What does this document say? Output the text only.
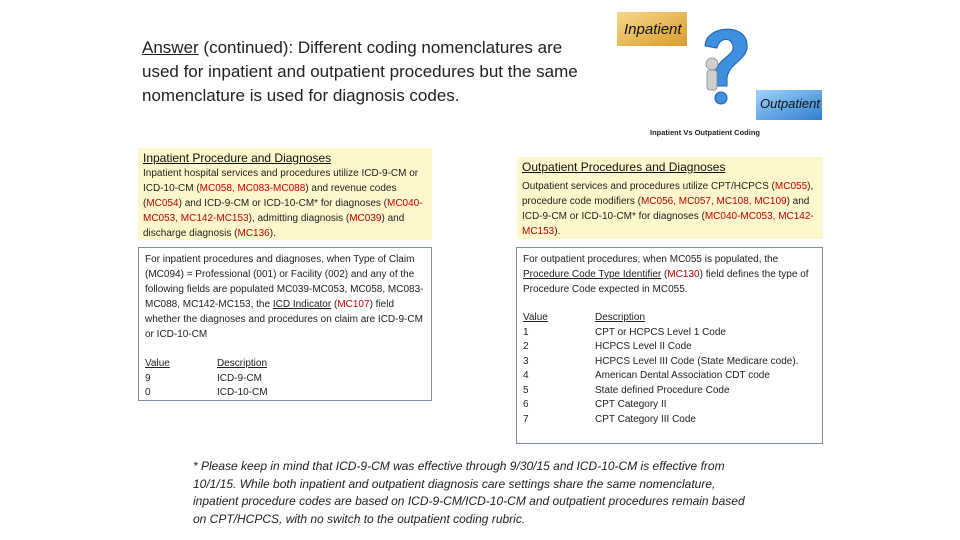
Answer (continued): Different coding nomenclatures are used for inpatient and outpatient procedures but the same nomenclature is used for diagnosis codes.
Inpatient
Outpatient
Inpatient Vs Outpatient Coding
Inpatient Procedure and Diagnoses
Inpatient hospital services and procedures utilize ICD-9-CM or ICD-10-CM (MC058, MC083-MC088) and revenue codes (MC054) and ICD-9-CM or ICD-10-CM* for diagnoses (MC040-MC053, MC142-MC153), admitting diagnosis (MC039) and discharge diagnosis (MC136).
Outpatient Procedures and Diagnoses
Outpatient services and procedures utilize CPT/HCPCS (MC055), procedure code modifiers (MC056, MC057, MC108, MC109) and ICD-9-CM or ICD-10-CM* for diagnoses (MC040-MC053, MC142-MC153).
For inpatient procedures and diagnoses, when Type of Claim (MC094) = Professional (001) or Facility (002) and any of the following fields are populated MC039-MC053, MC058, MC083-MC088, MC142-MC153, the ICD Indicator (MC107) field whether the diagnoses and procedures on claim are ICD-9-CM or ICD-10-CM
Value	Description
9	ICD-9-CM
0	ICD-10-CM
For outpatient procedures, when MC055 is populated, the Procedure Code Type Identifier (MC130) field defines the type of Procedure Code expected in MC055.
Value	Description
1	CPT or HCPCS Level 1 Code
2	HCPCS Level II Code
3	HCPCS Level III Code (State Medicare code).
4	American Dental Association CDT code
5	State defined Procedure Code
6	CPT Category II
7	CPT Category III Code
* Please keep in mind that ICD-9-CM was effective through 9/30/15 and ICD-10-CM is effective from 10/1/15. While both inpatient and outpatient diagnosis care settings share the same nomenclature, inpatient procedure codes are based on ICD-9-CM/ICD-10-CM and outpatient procedures remain based on CPT/HCPCS, with no switch to the outpatient coding rubric.
